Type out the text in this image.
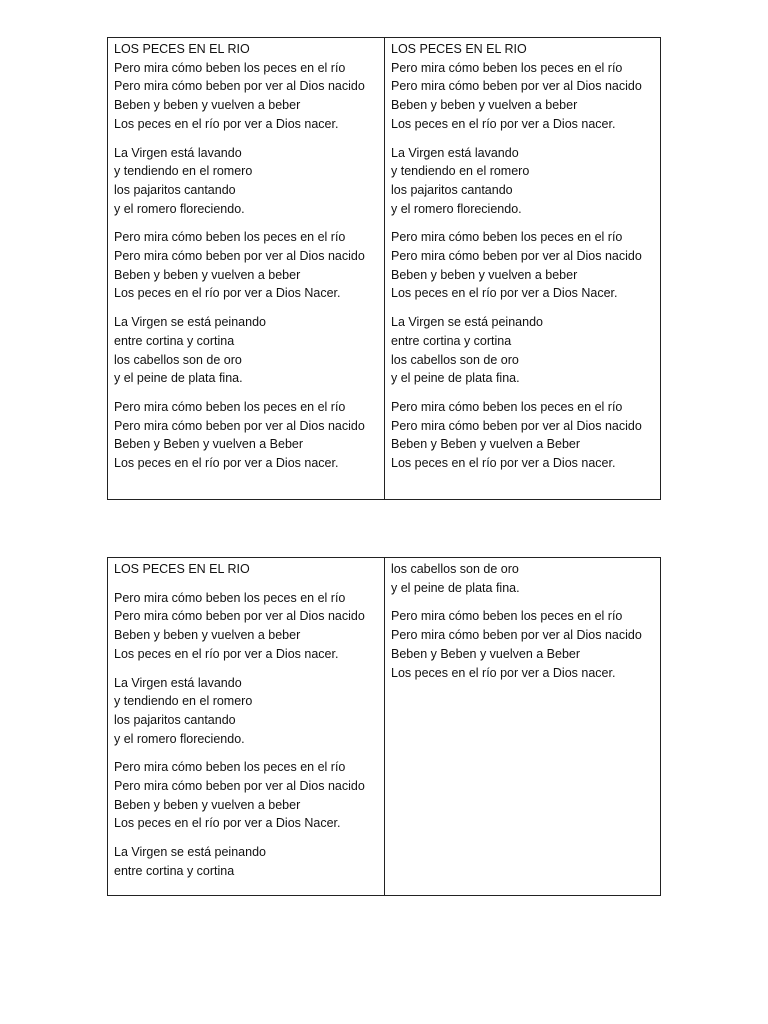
LOS PECES EN EL RIO
Pero mira cómo beben los peces en el río
Pero mira cómo beben por ver al Dios nacido
Beben y beben y vuelven a beber
Los peces en el río por ver a Dios nacer.
La Virgen está lavando
y tendiendo en el romero
los pajaritos cantando
y el romero floreciendo.
Pero mira cómo beben los peces en el río
Pero mira cómo beben por ver al Dios nacido
Beben y beben y vuelven a beber
Los peces en el río por ver a Dios Nacer.
La Virgen se está peinando
entre cortina y cortina
los cabellos son de oro
y el peine de plata fina.
Pero mira cómo beben los peces en el río
Pero mira cómo beben por ver al Dios nacido
Beben y Beben y vuelven a Beber
Los peces en el río por ver a Dios nacer.
LOS PECES EN EL RIO
Pero mira cómo beben los peces en el río
Pero mira cómo beben por ver al Dios nacido
Beben y beben y vuelven a beber
Los peces en el río por ver a Dios nacer.
La Virgen está lavando
y tendiendo en el romero
los pajaritos cantando
y el romero floreciendo.
Pero mira cómo beben los peces en el río
Pero mira cómo beben por ver al Dios nacido
Beben y beben y vuelven a beber
Los peces en el río por ver a Dios Nacer.
La Virgen se está peinando
entre cortina y cortina
los cabellos son de oro
y el peine de plata fina.
Pero mira cómo beben los peces en el río
Pero mira cómo beben por ver al Dios nacido
Beben y Beben y vuelven a Beber
Los peces en el río por ver a Dios nacer.
LOS PECES EN EL RIO
Pero mira cómo beben los peces en el río
Pero mira cómo beben por ver al Dios nacido
Beben y beben y vuelven a beber
Los peces en el río por ver a Dios nacer.
La Virgen está lavando
y tendiendo en el romero
los pajaritos cantando
y el romero floreciendo.
Pero mira cómo beben los peces en el río
Pero mira cómo beben por ver al Dios nacido
Beben y beben y vuelven a beber
Los peces en el río por ver a Dios Nacer.
La Virgen se está peinando
entre cortina y cortina
los cabellos son de oro
y el peine de plata fina.
Pero mira cómo beben los peces en el río
Pero mira cómo beben por ver al Dios nacido
Beben y Beben y vuelven a Beber
Los peces en el río por ver a Dios nacer.
